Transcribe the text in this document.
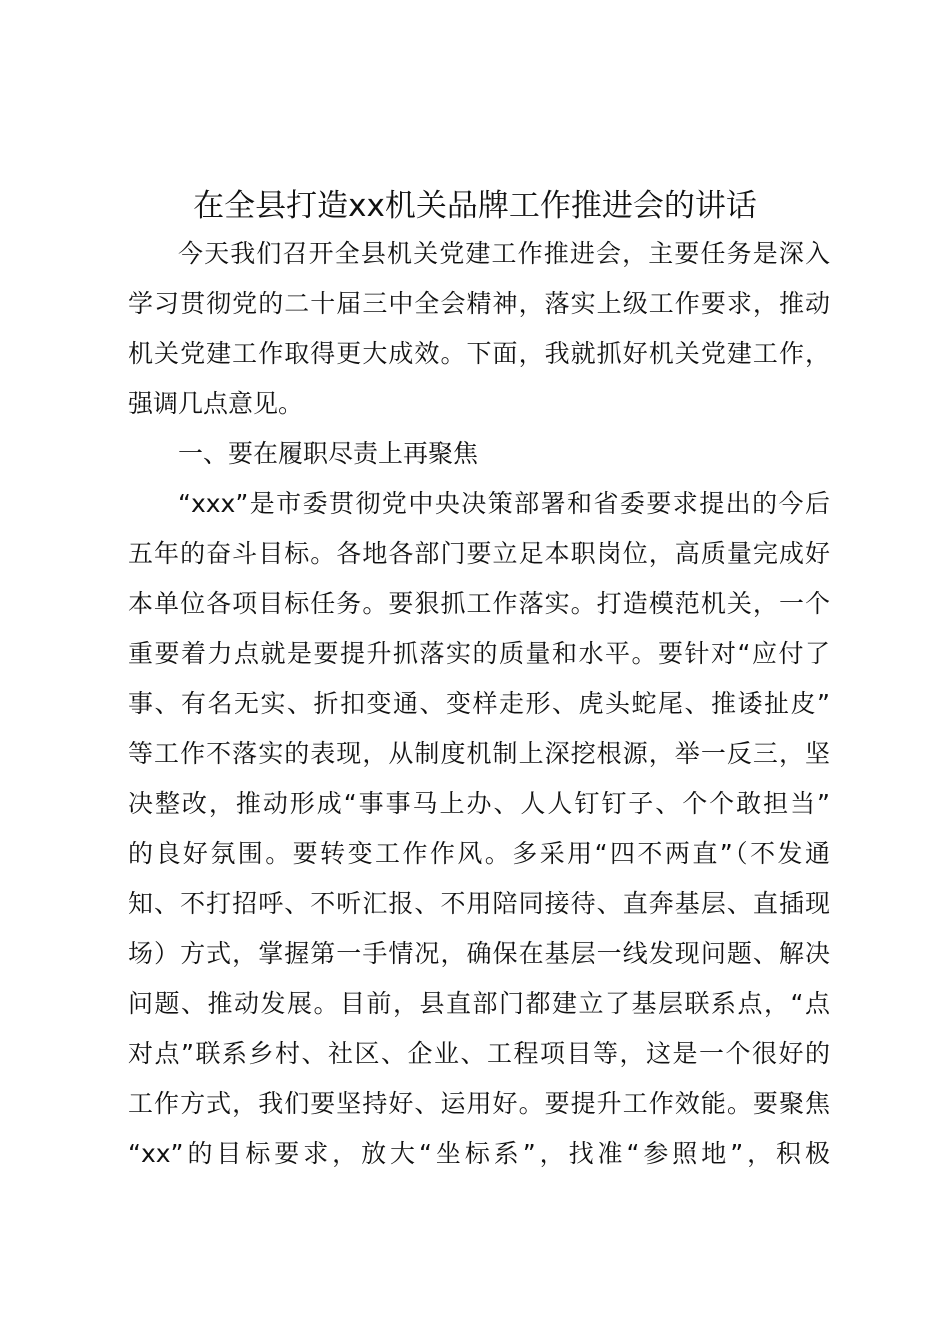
在全县打造xx机关品牌工作推进会的讲话
今天我们召开全县机关党建工作推进会，主要任务是深入
学习贯彻党的二十届三中全会精神，落实上级工作要求，推动
机关党建工作取得更大成效。下面，我就抓好机关党建工作，
强调几点意见。
一、要在履职尽责上再聚焦
“xxx”是市委贯彻党中央决策部署和省委要求提出的今后
五年的奋斗目标。各地各部门要立足本职岗位，高质量完成好
本单位各项目标任务。要狠抓工作落实。打造模范机关，一个
重要着力点就是要提升抓落实的质量和水平。要针对“应付了
事、有名无实、折扣变通、变样走形、虎头蛇尾、推诿扯皮”
等工作不落实的表现，从制度机制上深挖根源，举一反三，坚
决整改，推动形成“事事马上办、人人钉钉子、个个敢担当”
的良好氛围。要转变工作作风。多采用“四不两直”（不发通
知、不打招呼、不听汇报、不用陪同接待、直奔基层、直插现
场）方式，掌握第一手情况，确保在基层一线发现问题、解决
问题、推动发展。目前，县直部门都建立了基层联系点，“点
对点”联系乡村、社区、企业、工程项目等，这是一个很好的
工作方式，我们要坚持好、运用好。要提升工作效能。要聚焦
“xx”的目标要求，放大“坐标系”，找准“参照地”，积极
